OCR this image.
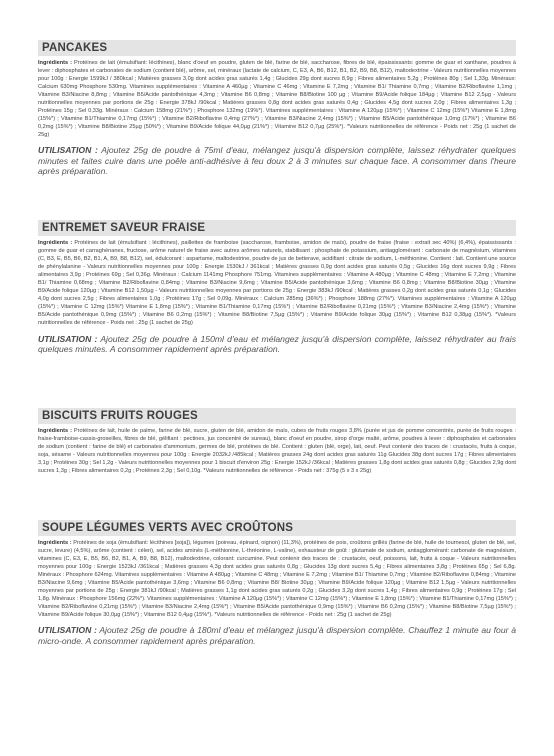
PANCAKES

Ingrédients : Protéines de lait (émulsifiant: lécithines), blanc d'oeuf en poudre, gluten de blé, farine de blé, saccharose, fibres de blé, épaississants: gomme de guar et xanthane, poudres à lever : diphosphates et carbonates de sodium (contient blé), arôme, sel, minéraux (lactate de calcium, C, E3, A, B6, B12, B1, B2, B9, B8, B12), maltodextrine - Valeurs nutritionnelles moyennes pour 100g : Energie 1599kJ / 380kcal ; Matières grasses 3,0g dont acides gras saturés 1,4g ; Glucides 29g dont sucres 8,9g ; Fibres alimentaires 5,2g ; Protéines 80g ; Sel 1,33g. Minéraux: Calcium 630mg Phosphore 530mg. Vitamines supplémentaires : Vitamine A 460µg ; Vitamine C 46mg ; Vitamine E 7,2mg ; Vitamine B1/ Thiamine 0,7mg ; Vitamine B2/Riboflavine 1,1mg ; Vitamine B3/Niacine 8,8mg ; Vitamine B5/Acide pantothénique 4,3mg ; Vitamine B6 0,8mg ; Vitamine B8/Biotine 100 µg ; Vitamine B9/Acide folique 184µg ; Vitamine B12 2,5µg - Valeurs nutritionnelles moyennes par portions de 25g : Energie 378kJ /90kcal ; Matières grasses 0,8g dont acides gras saturés 0,4g ; Glucides 4,5g dont sucres 2,0g ; Fibres alimentaires 1,3g ; Protéines 15g ; Sel 0,33g. Minéraux : Calcium 158mg (21%*) ; Phosphore 132mg (19%*). Vitamines supplémentaires : Vitamine A 120µg (15%*) ; Vitamine C 12mg (15%*) Vitamine E 1,8mg (15%*) ; Vitamine B1/Thiamine 0,17mg (15%*) ; Vitamine B2/Riboflavine 0,4mg (27%*) ; Vitamine B3/Niacine 2,4mg (15%*) ; Vitamine B5/Acide pantothénique 1,0mg (17%*) ; Vitamine B6 0,2mg (15%*) ; Vitamine B8/Biotine 25µg (50%*) ; Vitamine B9/Acide folique 44,0µg (21%*) ; Vitamine B12 0,7µg (25%*). *Valeurs nutritionnelles de référence - Poids net : 25g (1 sachet de 25g)

UTILISATION : Ajoutez 25g de poudre à 75ml d'eau, mélangez jusqu'à dispersion complète, laissez réhydrater quelques minutes et faites cuire dans une poêle anti-adhésive à feu doux 2 à 3 minutes sur chaque face. A consommer dans l'heure après préparation.

ENTREMET SAVEUR FRAISE

Ingrédients : Protéines de lait (émulsifiant : lécithines), paillettes de framboise (saccharose, framboise, amidon de maïs), poudre de fraise (fraise : extrait sec 40%) (6,4%), épaississants : gomme de guar et carraghénanes, fructose, arôme naturel de fraise avec autres arômes naturels, stabilisant : phosphate de potassium, antiagglomérant : carbonate de magnésium, vitamines (C, B3, E, B5, B6, B2, B1, A, B9, B8, B12), sel, édulcorant : aspartame, maltodextrine, poudre de jus de betterave, acidifiant : citrate de sodium, L-méthionine. Contient : lait. Contient une source de phénylalanine - Valeurs nutritionnelles moyennes pour 100g : Energie 1530kJ / 361kcal ; Matières grasses 0,9g dont acides gras saturés 0,5g ; Glucides 16g dont sucres 9,9g ; Fibres alimentaires 3,9g ; Protéines 69g ; Sel 0,36g. Minéraux : Calcium 1141mg Phosphore 751mg. Vitamines supplémentaires : Vitamine A 480µg ; Vitamine C 48mg ; Vitamine E 7,2mg ; Vitamine B1/ Thiamine 0,68mg ; Vitamine B2/Riboflavine 0,84mg ; Vitamine B3/Niacine 9,6mg ; Vitamine B5/Acide pantothénique 3,6mg ; Vitamine B6 0,8mg ; Vitamine B8/Biotine 30µg ; Vitamine B9/Acide folique 120µg ; Vitamine B12 1,50µg - Valeurs nutritionnelles moyennes par portions de 25g : Energie 383kJ /90kcal ; Matières grasses 0,2g dont acides gras saturés 0,1g ; Glucides 4,0g dont sucres 2,5g ; Fibres alimentaires 1,0g ; Protéines 17g ; Sel 0,09g. Minéraux : Calcium 285mg (36%*) ; Phosphore 188mg (27%*). Vitamines supplémentaires : Vitamine A 120µg (15%*) ; Vitamine C 12mg (15%*) Vitamine E 1,8mg (15%*) ; Vitamine B1/Thiamine 0,17mg (15%*) ; Vitamine B2/Riboflavine 0,21mg (15%*) ; Vitamine B3/Niacine 2,4mg (15%*) ; Vitamine B5/Acide pantothénique 0,9mg (15%*) ; Vitamine B6 0,2mg (15%*) ; Vitamine B8/Biotine 7,5µg (15%*) ; Vitamine B9/Acide folique 30µg (15%*) ; Vitamine B12 0,38µg (15%*). *Valeurs nutritionnelles de référence - Poids net : 25g (1 sachet de 25g)

UTILISATION : Ajoutez 25g de poudre à 150ml d'eau et mélangez jusqu'à dispersion complète, laissez réhydrater au frais quelques minutes. A consommer rapidement après préparation.

BISCUITS FRUITS ROUGES

Ingrédients : Protéines de lait, huile de palme, farine de blé, sucre, gluten de blé, amidon de maïs, cubes de fruits rouges 3,8% (purée et jus de pomme concentrés, purée de fruits rouges : fraise-framboise-cassis-groseilles, fibres de blé, gélifiant : pectines, jus concentré de sureau), blanc d'oeuf en poudre, sirop d'orge malté, arôme, poudres à lever : diphosphates et carbonates de sodium (contient : farine de blé) et carbonates d'ammonium, germes de blé, protéines de blé. Contient : gluten (blé, orge), lait, oeuf. Peut contenir des traces de : crustacés, fruits à coque, soja, sésame - Valeurs nutritionnelles moyennes pour 100g : Energie 2032kJ /485kcal ; Matières grasses 24g dont acides gras saturés 11g Glucides 38g dont sucres 17g ; Fibres alimentaires 3,1g ; Protéines 30g ; Sel 1,2g - Valeurs nutritionnelles moyennes pour 1 biscuit d'environ 25g : Energie 152kJ /36kcal ; Matières grasses 1,8g dont acides gras saturés 0,8g ; Glucides 2,9g dont sucres 1,3g ; Fibres alimentaires 0,2g ; Protéines 2,3g ; Sel 0,10g. *Valeurs nutritionnelles de référence - Poids net : 375g (5 x 3 x 25g)

SOUPE LÉGUMES VERTS AVEC CROÛTONS

Ingrédients : Protéines de soja (émulsifiant: lécithines [soja]), légumes (poireau, épinard, oignon) (11,3%), protéines de pois, croûtons grillés (farine de blé, huile de tournesol, gluten de blé, sel, sucre, levure) (4,5%), arôme (contient : céleri), sel, acides aminés (L-méthionine, L-thréonine, L-valine), exhausteur de goût : glutamate de sodium, antiagglomérant: carbonate de magnésium, vitamines (C, E3, E, B5, B6, B2, B1, A, B9, B8, B12), maltodextrine, colorant: curcumine. Peut contenir des traces de : crustacés, oeuf, poissons, lait, fruits à coque - Valeurs nutritionnelles moyennes pour 100g : Energie 1523kJ /361kcal ; Matières grasses 4,3g dont acides gras saturés 0,8g ; Glucides 13g dont sucres 5,4g ; Fibres alimentaires 3,8g ; Protéines 65g ; Sel 6,8g. Minéraux : Phosphore 624mg. Vitamines supplémentaires : Vitamine A 480µg ; Vitamine C 48mg ; Vitamine E 7,2mg ; Vitamine B1/ Thiamine 0,7mg ; Vitamine B2/Riboflavine 0,84mg ; Vitamine B3/Niacine 9,6mg ; Vitamine B5/Acide pantothénique 3,6mg ; Vitamine B6 0,8mg ; Vitamine B8/ Biotine 30µg ; Vitamine B9/Acide folique 120µg ; Vitamine B12 1,5µg - Valeurs nutritionnelles moyennes par portions de 25g : Energie 381kJ /90kcal ; Matières grasses 1,1g dont acides gras saturés 0,2g ; Glucides 3,2g dont sucres 1,4g ; Fibres alimentaires 0,9g ; Protéines 17g ; Sel 1,8g. Minéraux : Phosphore 156mg (22%*). Vitamines supplémentaires : Vitamine A 120µg (15%*) ; Vitamine C 12mg (15%*) ; Vitamine E 1,8mg (15%*) ; Vitamine B1/Thiamine 0,17mg (15%*) ; Vitamine B2/Riboflavine 0,21mg (15%*) ; Vitamine B3/Niacine 2,4mg (15%*) ; Vitamine B5/Acide pantothénique 0,9mg (15%*) ; Vitamine B6 0,2mg (15%*) ; Vitamine B8/Biotine 7,5µg (15%*) ; Vitamine B9/Acide folique 30,0µg (15%*) ; Vitamine B12 0,4µg (15%*). *Valeurs nutritionnelles de référence - Poids net : 25g (1 sachet de 25g)

UTILISATION : Ajoutez 25g de poudre à 180ml d'eau et mélangez jusqu'à dispersion complète. Chauffez 1 minute au four à micro-onde. A consommer rapidement après préparation.
